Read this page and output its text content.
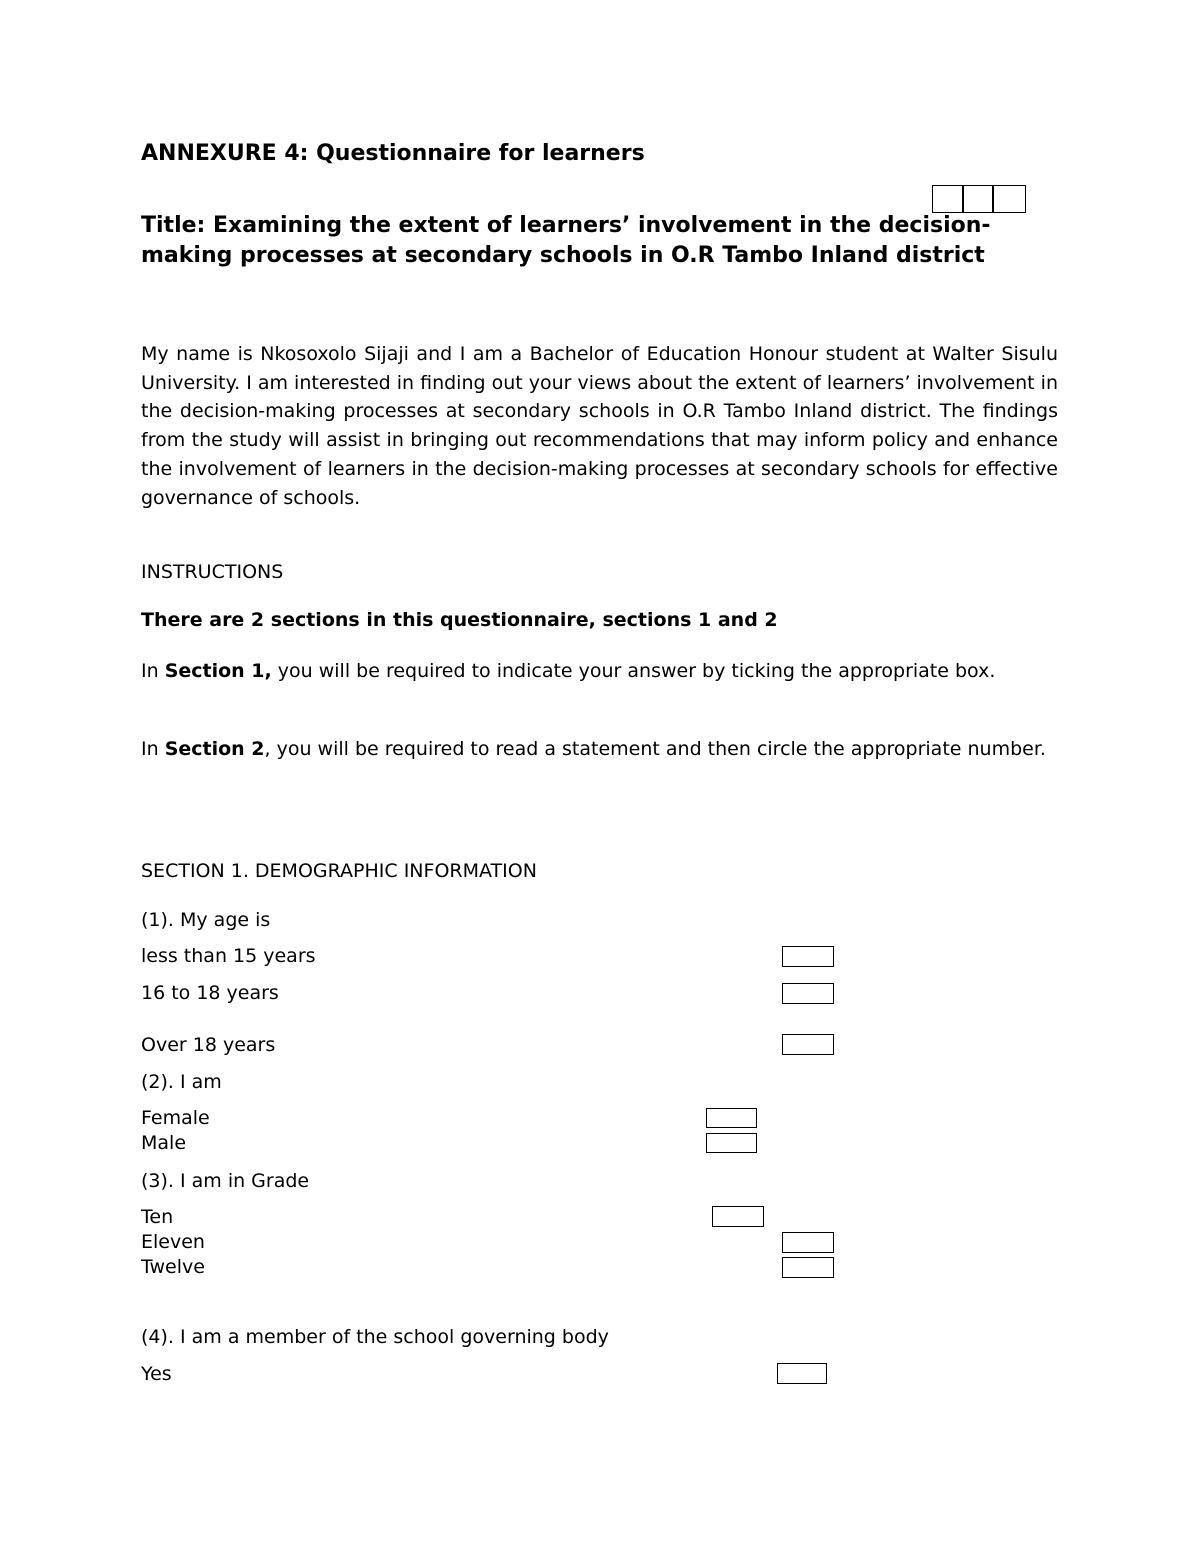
ANNEXURE 4: Questionnaire for learners

Title: Examining the extent of learners’ involvement in the decision-

making processes at secondary schools in O.R Tambo Inland district

My name is Nkosoxolo Sijaji and I am a Bachelor of Education Honour student at Walter Sisulu University. I am interested in finding out your views about the extent of learners’ involvement in the decision-making processes at secondary schools in O.R Tambo Inland district. The findings from the study will assist in bringing out recommendations that may inform policy and enhance the involvement of learners in the decision-making processes at secondary schools for effective governance of schools.

INSTRUCTIONS

There are 2 sections in this questionnaire, sections 1 and 2

In Section 1, you will be required to indicate your answer by ticking the appropriate box.

In Section 2, you will be required to read a statement and then circle the appropriate number.

SECTION 1. DEMOGRAPHIC INFORMATION

(1). My age is

less than 15 years

16 to 18 years

Over 18 years

(2). I am

Female

Male

(3). I am in Grade

Ten

Eleven

Twelve

(4). I am a member of the school governing body

Yes
